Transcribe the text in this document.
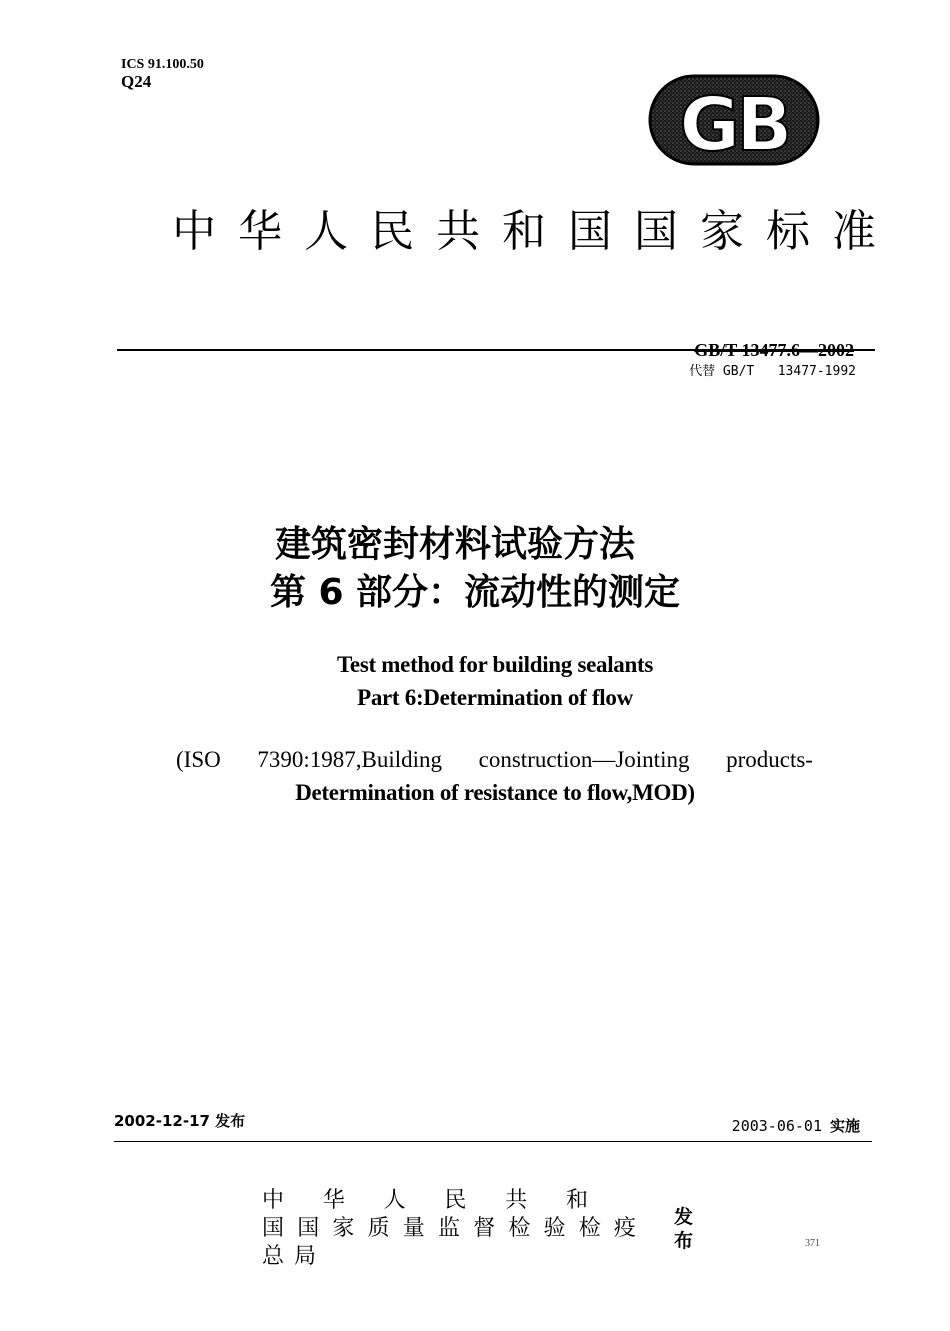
ICS 91.100.50
Q24
GB
中 华 人 民 共 和 国 国 家 标 准
GB/T 13477.6—2002
代替 GB/T   13477-1992
建筑密封材料试验方法
第 6 部分：流动性的测定
Test method for building sealants
Part 6:Determination of flow
(ISO 7390:1987,Building construction—Jointing products-
Determination of resistance to flow,MOD)
2002-12-17 发布	2003-06-01 实施
中 华 人 民 共 和
国 国 家 质 量 监 督 检 验 检 疫
总局
发布	371
